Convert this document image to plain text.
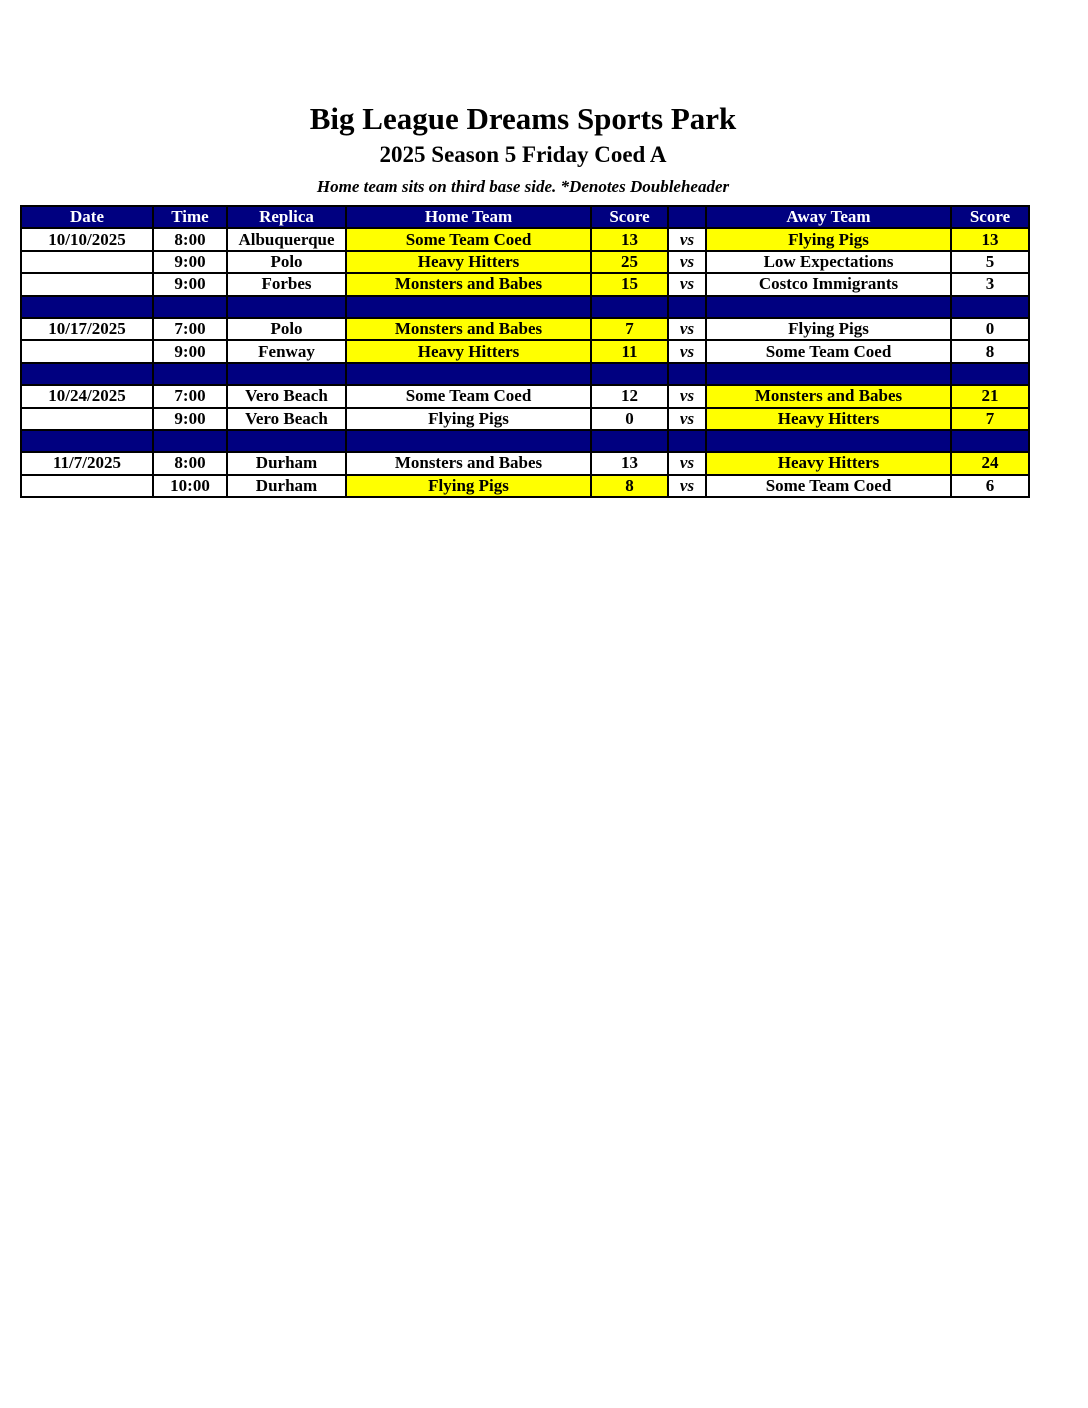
Big League Dreams Sports Park
2025 Season 5 Friday Coed A
Home team sits on third base side. *Denotes Doubleheader
Date	Time	Replica	Home Team	Score		Away Team	Score
10/10/2025	8:00	Albuquerque	Some Team Coed	13	vs	Flying Pigs	13
	9:00	Polo	Heavy Hitters	25	vs	Low Expectations	5
	9:00	Forbes	Monsters and Babes	15	vs	Costco Immigrants	3

10/17/2025	7:00	Polo	Monsters and Babes	7	vs	Flying Pigs	0
	9:00	Fenway	Heavy Hitters	11	vs	Some Team Coed	8

10/24/2025	7:00	Vero Beach	Some Team Coed	12	vs	Monsters and Babes	21
	9:00	Vero Beach	Flying Pigs	0	vs	Heavy Hitters	7

11/7/2025	8:00	Durham	Monsters and Babes	13	vs	Heavy Hitters	24
	10:00	Durham	Flying Pigs	8	vs	Some Team Coed	6
